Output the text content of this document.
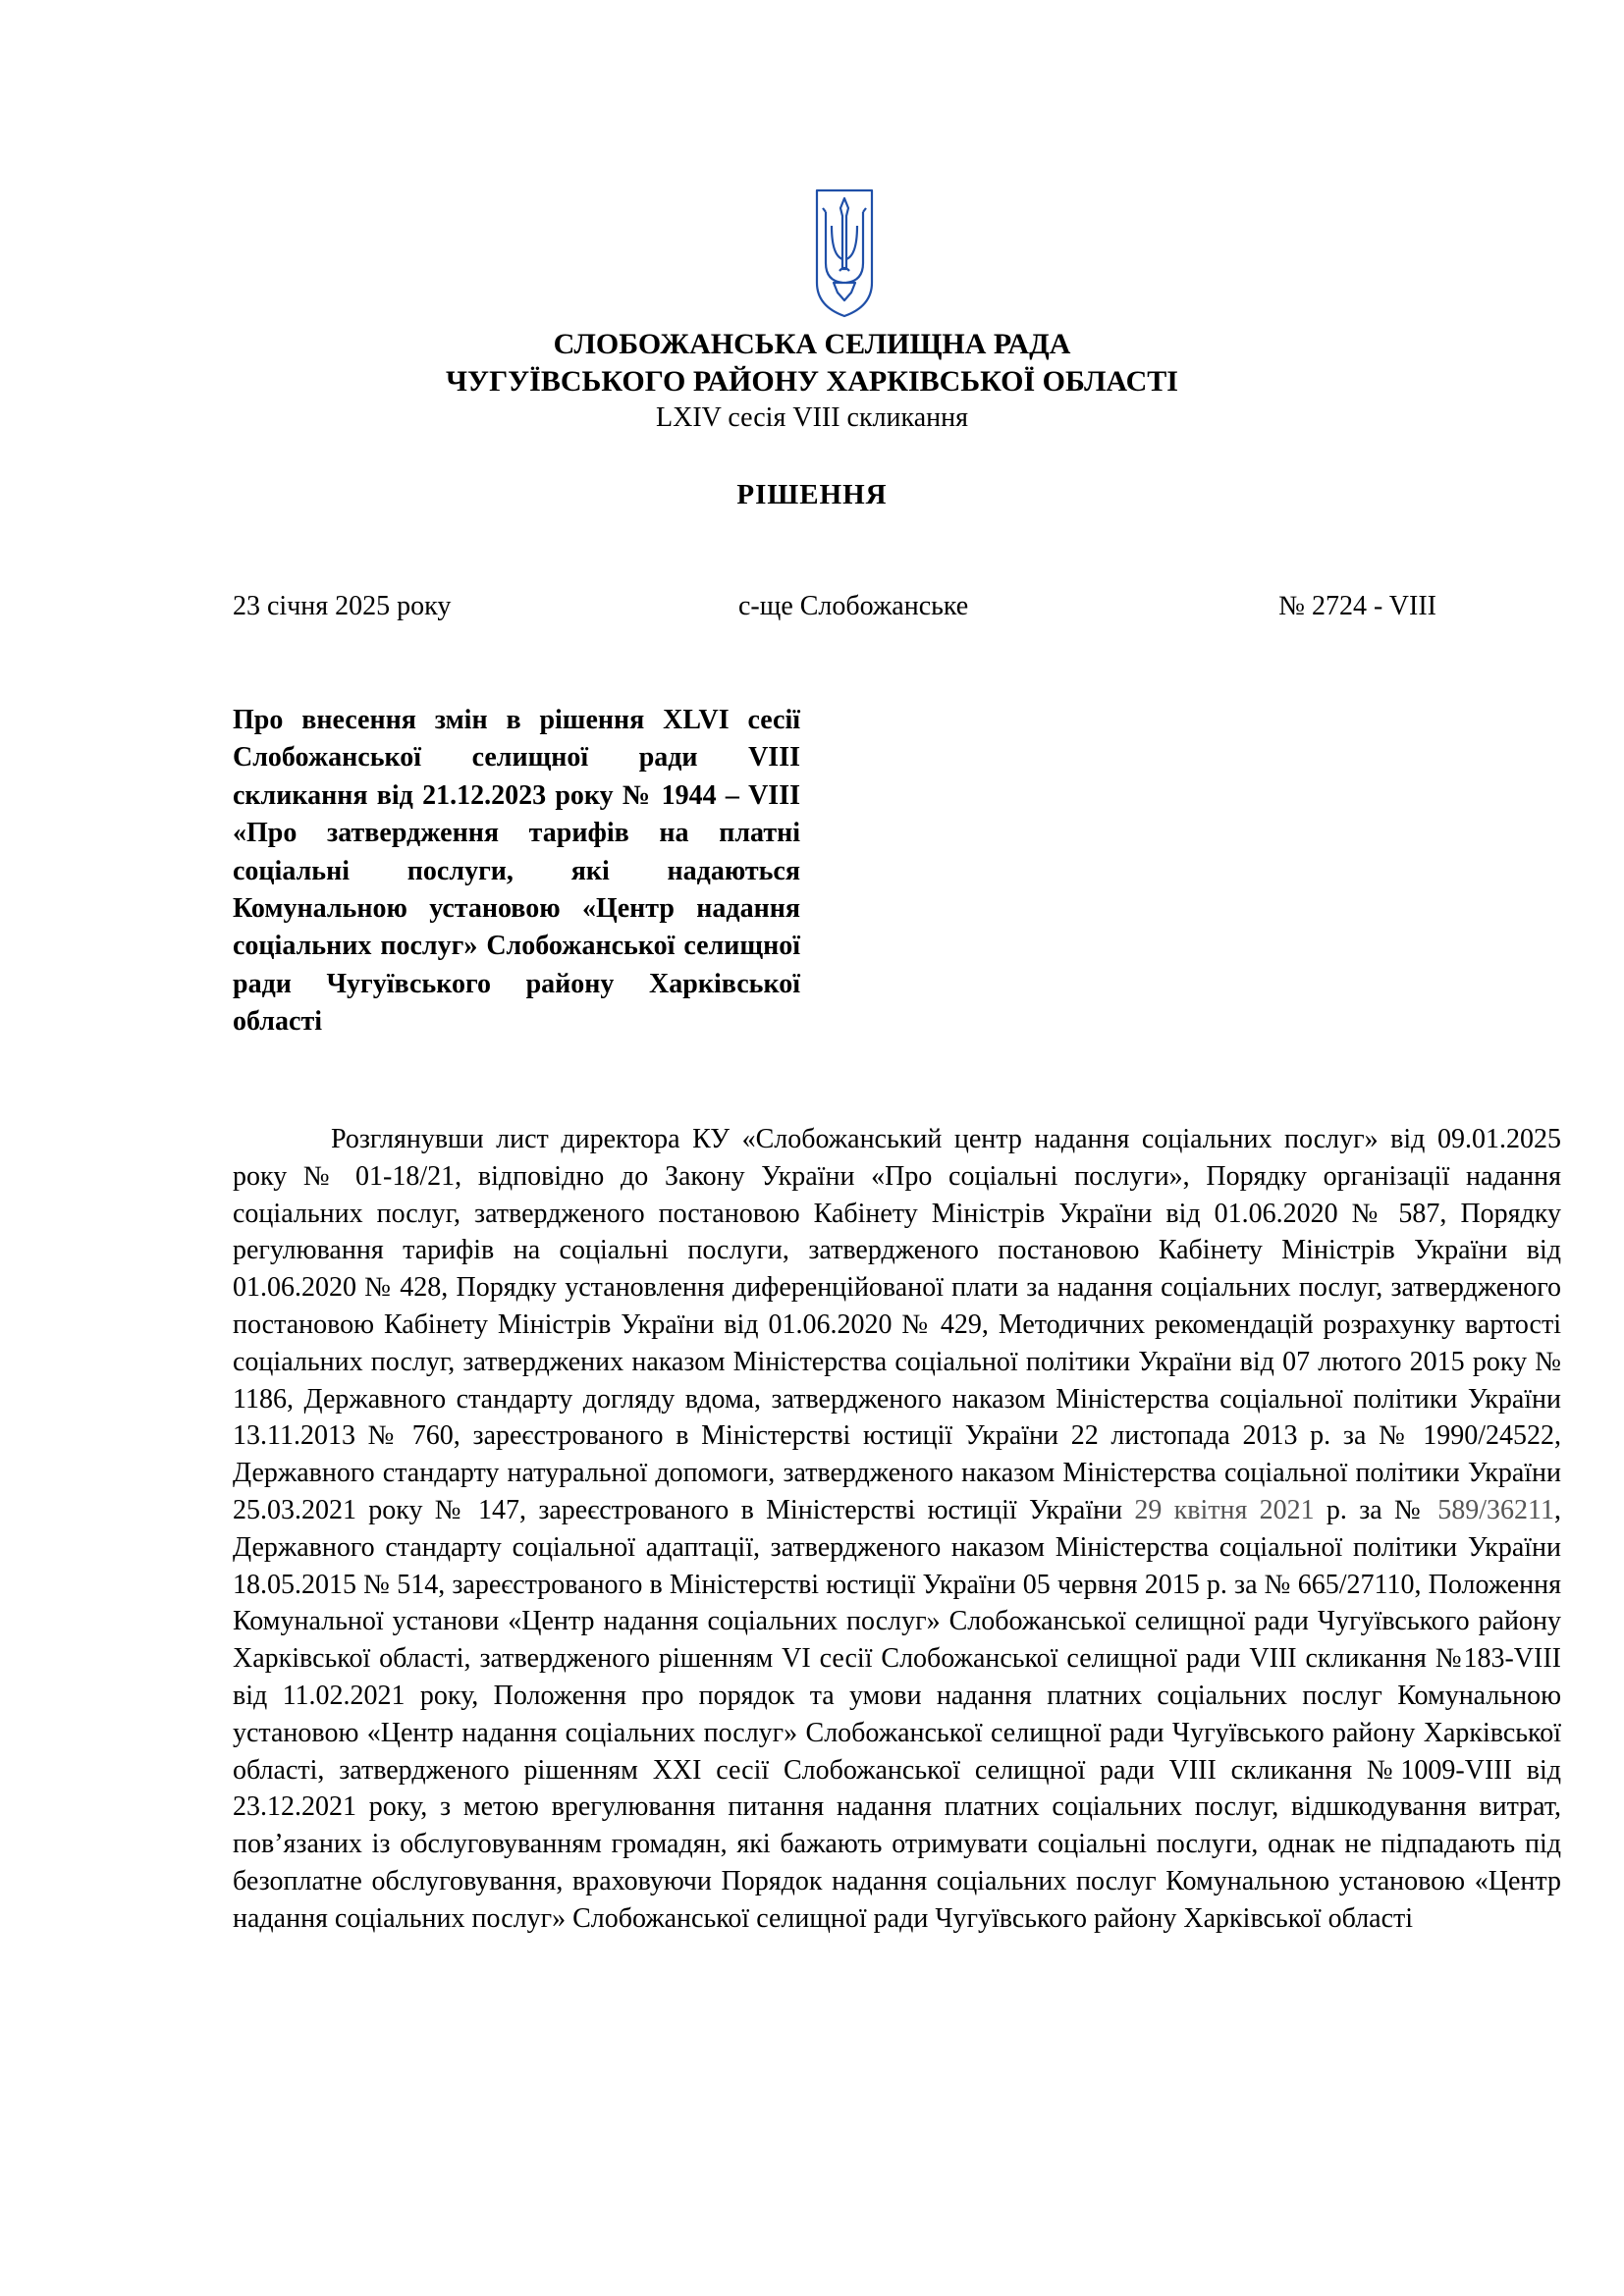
СЛОБОЖАНСЬКА СЕЛИЩНА РАДА
ЧУГУЇВСЬКОГО РАЙОНУ ХАРКІВСЬКОЇ ОБЛАСТІ
LXIV сесія VIII скликання
РІШЕННЯ
23 січня 2025 року	с-ще Слобожанське	№ 2724 - VIII
Про внесення змін в рішення XLVI сесії Слобожанської селищної ради VIII скликання від 21.12.2023 року № 1944 – VIII «Про затвердження тарифів на платні соціальні послуги, які надаються Комунальною установою «Центр надання соціальних послуг» Слобожанської селищної ради Чугуївського району Харківської області

Розглянувши лист директора КУ «Слобожанський центр надання соціальних послуг» від 09.01.2025 року № 01-18/21, відповідно до Закону України «Про соціальні послуги», Порядку організації надання соціальних послуг, затвердженого постановою Кабінету Міністрів України від 01.06.2020 № 587, Порядку регулювання тарифів на соціальні послуги, затвердженого постановою Кабінету Міністрів України від 01.06.2020 № 428, Порядку установлення диференційованої плати за надання соціальних послуг, затвердженого постановою Кабінету Міністрів України від 01.06.2020 № 429, Методичних рекомендацій розрахунку вартості соціальних послуг, затверджених наказом Міністерства соціальної політики України від 07 лютого 2015 року № 1186, Державного стандарту догляду вдома, затвердженого наказом Міністерства соціальної політики України 13.11.2013 № 760, зареєстрованого в Міністерстві юстиції України 22 листопада 2013 р. за № 1990/24522, Державного стандарту натуральної допомоги, затвердженого наказом Міністерства соціальної політики України 25.03.2021 року № 147, зареєстрованого в Міністерстві юстиції України 29 квітня 2021 р. за № 589/36211, Державного стандарту соціальної адаптації, затвердженого наказом Міністерства соціальної політики України 18.05.2015 № 514, зареєстрованого в Міністерстві юстиції України 05 червня 2015 р. за № 665/27110, Положення Комунальної установи «Центр надання соціальних послуг» Слобожанської селищної ради Чугуївського району Харківської області, затвердженого рішенням VI сесії Слобожанської селищної ради VIII скликання №183-VIII від 11.02.2021 року, Положення про порядок та умови надання платних соціальних послуг Комунальною установою «Центр надання соціальних послуг» Слобожанської селищної ради Чугуївського району Харківської області, затвердженого рішенням XXI сесії Слобожанської селищної ради VIII скликання №1009-VIII від 23.12.2021 року, з метою врегулювання питання надання платних соціальних послуг, відшкодування витрат, пов’язаних із обслуговуванням громадян, які бажають отримувати соціальні послуги, однак не підпадають під безоплатне обслуговування, враховуючи Порядок надання соціальних послуг Комунальною установою «Центр надання соціальних послуг» Слобожанської селищної ради Чугуївського району Харківської області
